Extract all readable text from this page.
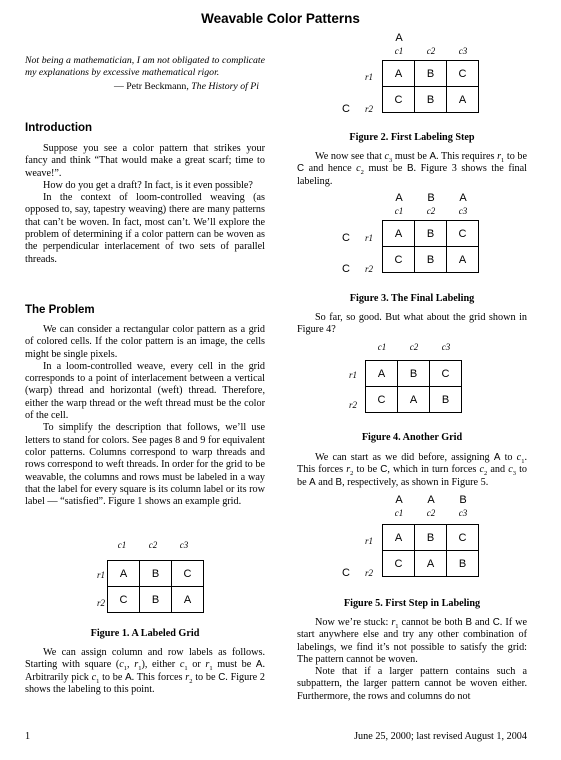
Weavable Color Patterns

Not being a mathematician, I am not obligated to complicate my explanations by excessive mathematical rigor.

— Petr Beckmann, The History of Pi
Introduction

Suppose you see a color pattern that strikes your fancy and think “That would make a great scarf; time to weave!”.

How do you get a draft? In fact, is it even possible?

In the context of loom-controlled weaving (as opposed to, say, tapestry weaving) there are many patterns that can’t be woven. In fact, most can’t. We’ll explore the problem of determining if a color pattern can be woven as the perpendicular interlacement of two sets of parallel threads.

The Problem

We can consider a rectangular color pattern as a grid of colored cells. If the color pattern is an image, the cells might be single pixels.

In a loom-controlled weave, every cell in the grid corresponds to a point of interlacement between a vertical (warp) thread and horizontal (weft) thread. Therefore, either the warp thread or the weft thread must be the color of the cell.

To simplify the description that follows, we’ll use letters to stand for colors. See pages 8 and 9 for equivalent color patterns. Columns correspond to warp threads and rows correspond to weft threads. In order for the grid to be weavable, the columns and rows must be labeled in a way that the label for every square is its column label or its row label — “satisfied”. Figure 1 shows an example grid.

c1	c2	c3
r1
r2
A	B	C
C	B	A
Figure 1. A Labeled Grid

We can assign column and row labels as follows. Starting with square ($c_1$, $r_1$), either $c_1$ or $r_1$ must be A. Arbitrarily pick $c_1$ to be A. This forces $r_2$ to be C. Figure 2 shows the labeling to this point.

A
c1	c2	c3
r1
C	r2
A	B	C
C	B	A
Figure 2. First Labeling Step

We now see that $c_3$ must be A. This requires $r_1$ to be C and hence $c_2$ must be B. Figure 3 shows the final labeling.

A	B	A
c1	c2	c3
C	r1
C	r2
A	B	C
C	B	A
Figure 3. The Final Labeling

So far, so good. But what about the grid shown in Figure 4?

c1	c2	c3
r1
r2
A	B	C
C	A	B
Figure 4. Another Grid

We can start as we did before, assigning A to $c_1$. This forces $r_2$ to be C, which in turn forces $c_2$ and $c_3$ to be A and B, respectively, as shown in Figure 5.

A	A	B
c1	c2	c3
r1
C	r2
A	B	C
C	A	B
Figure 5. First Step in Labeling

Now we’re stuck: $r_1$ cannot be both B and C. If we start anywhere else and try any other combination of labelings, we find it’s not possible to satisfy the grid: The pattern cannot be woven.

Note that if a larger pattern contains such a subpattern, the larger pattern cannot be woven either. Furthermore, the rows and columns do not

1	June 25, 2000; last revised August 1, 2004
